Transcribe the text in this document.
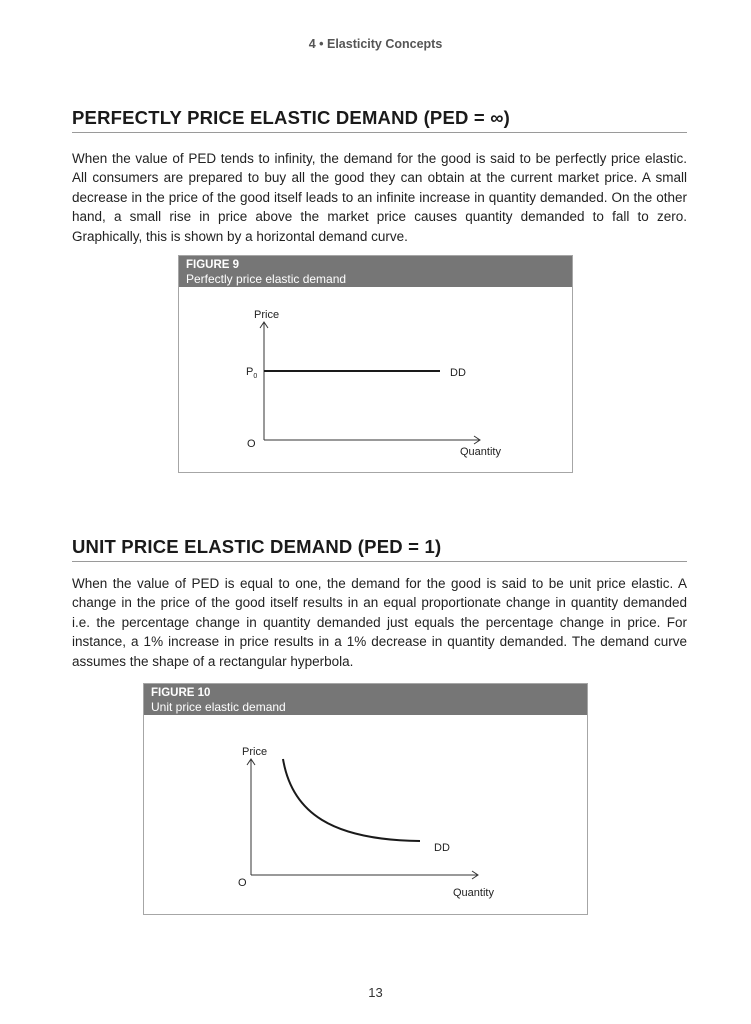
4 • Elasticity Concepts
PERFECTLY PRICE ELASTIC DEMAND (PED = ∞)

When the value of PED tends to infinity, the demand for the good is said to be perfectly price elastic. All consumers are prepared to buy all the good they can obtain at the current market price. A small decrease in the price of the good itself leads to an infinite increase in quantity demanded. On the other hand, a small rise in price above the market price causes quantity demanded to fall to zero. Graphically, this is shown by a horizontal demand curve.

FIGURE 9
Perfectly price elastic demand
Price
$P_0$	DD
O
Quantity
UNIT PRICE ELASTIC DEMAND (PED = 1)

When the value of PED is equal to one, the demand for the good is said to be unit price elastic. A change in the price of the good itself results in an equal proportionate change in quantity demanded i.e. the percentage change in quantity demanded just equals the percentage change in price. For instance, a 1% increase in price results in a 1% decrease in quantity demanded. The demand curve assumes the shape of a rectangular hyperbola.

FIGURE 10
Unit price elastic demand
Price
DD
O
Quantity
13
